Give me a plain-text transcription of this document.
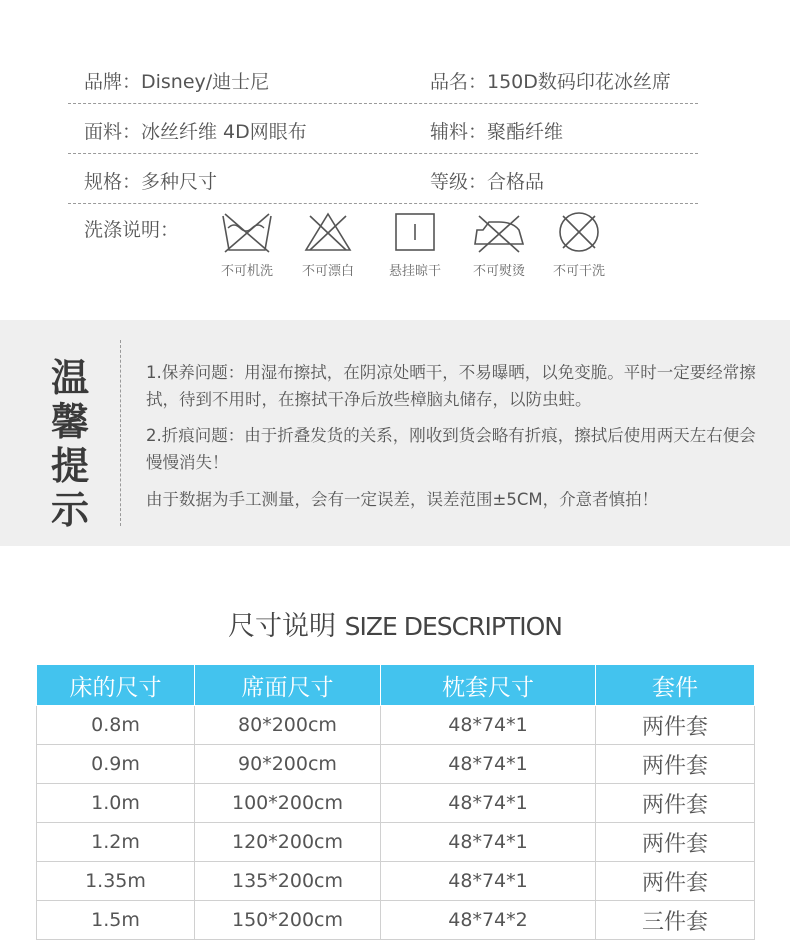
品牌：Disney/迪士尼	品名：150D数码印花冰丝席
面料：冰丝纤维 4D网眼布	辅料：聚酯纤维
规格：多种尺寸	等级：合格品
洗涤说明：
不可机洗	不可漂白	悬挂晾干	不可熨烫	不可干洗
温
馨
提
示
1.保养问题：用湿布擦拭，在阴凉处晒干，不易曝晒，以免变脆。平时一定要经常擦拭，待到不用时，在擦拭干净后放些樟脑丸储存，以防虫蛀。
2.折痕问题：由于折叠发货的关系，刚收到货会略有折痕，擦拭后使用两天左右便会慢慢消失！
由于数据为手工测量，会有一定误差，误差范围±5CM，介意者慎拍！
尺寸说明 SIZE DESCRIPTION
床的尺寸	席面尺寸	枕套尺寸	套件
0.8m	80*200cm	48*74*1	两件套
0.9m	90*200cm	48*74*1	两件套
1.0m	100*200cm	48*74*1	两件套
1.2m	120*200cm	48*74*1	两件套
1.35m	135*200cm	48*74*1	两件套
1.5m	150*200cm	48*74*2	三件套
